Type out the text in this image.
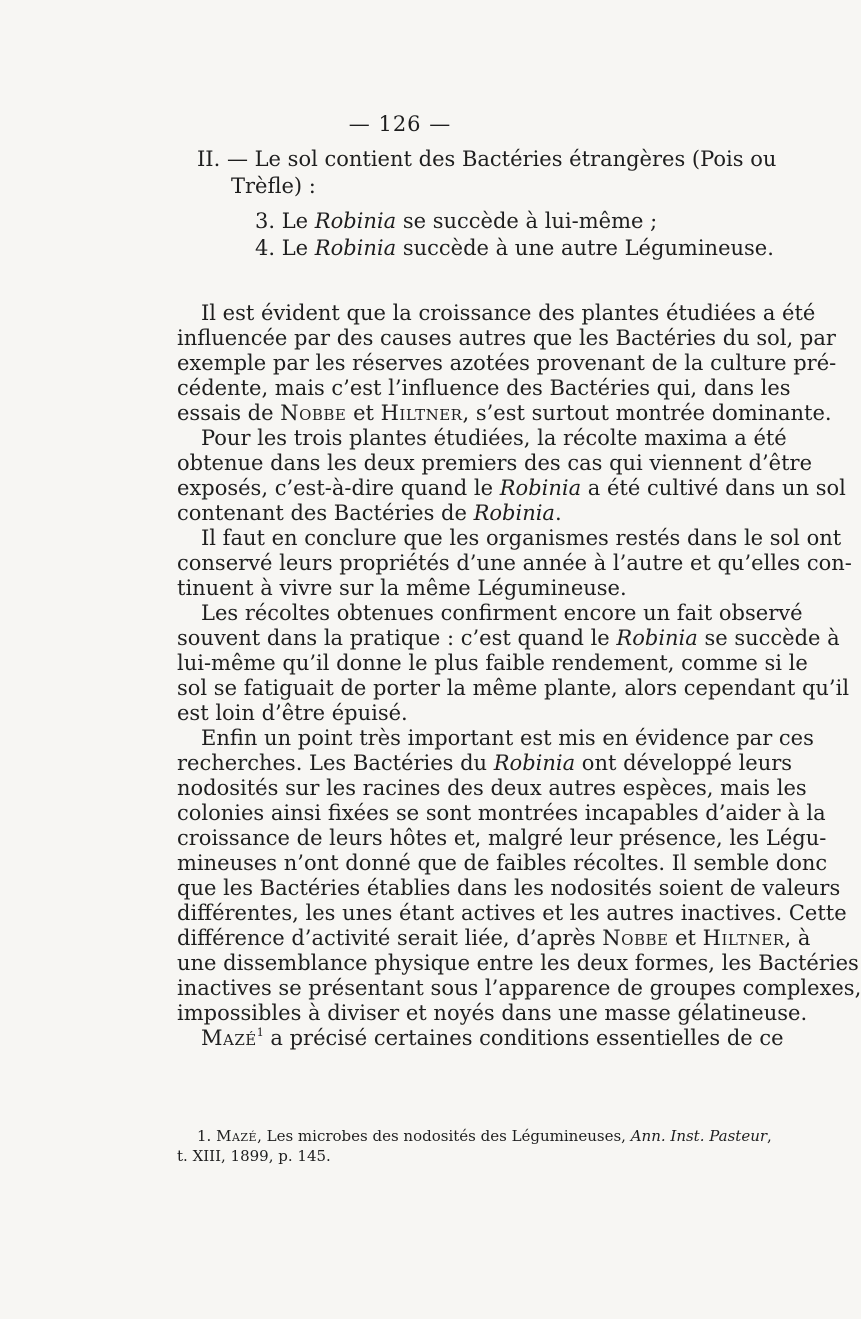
— 126 —
II. — Le sol contient des Bactéries étrangères (Pois ou
Trèfle) :
3. Le Robinia se succède à lui-même ;
4. Le Robinia succède à une autre Légumineuse.
Il est évident que la croissance des plantes étudiées a été
influencée par des causes autres que les Bactéries du sol, par
exemple par les réserves azotées provenant de la culture pré-
cédente, mais c’est l’influence des Bactéries qui, dans les
essais de Nobbe et Hiltner, s’est surtout montrée dominante.
Pour les trois plantes étudiées, la récolte maxima a été
obtenue dans les deux premiers des cas qui viennent d’être
exposés, c’est-à-dire quand le Robinia a été cultivé dans un sol
contenant des Bactéries de Robinia.
Il faut en conclure que les organismes restés dans le sol ont
conservé leurs propriétés d’une année à l’autre et qu’elles con-
tinuent à vivre sur la même Légumineuse.
Les récoltes obtenues confirment encore un fait observé
souvent dans la pratique : c’est quand le Robinia se succède à
lui-même qu’il donne le plus faible rendement, comme si le
sol se fatiguait de porter la même plante, alors cependant qu’il
est loin d’être épuisé.
Enfin un point très important est mis en évidence par ces
recherches. Les Bactéries du Robinia ont développé leurs
nodosités sur les racines des deux autres espèces, mais les
colonies ainsi fixées se sont montrées incapables d’aider à la
croissance de leurs hôtes et, malgré leur présence, les Légu-
mineuses n’ont donné que de faibles récoltes. Il semble donc
que les Bactéries établies dans les nodosités soient de valeurs
différentes, les unes étant actives et les autres inactives. Cette
différence d’activité serait liée, d’après Nobbe et Hiltner, à
une dissemblance physique entre les deux formes, les Bactéries
inactives se présentant sous l’apparence de groupes complexes,
impossibles à diviser et noyés dans une masse gélatineuse.
Mazé$^1$ a précisé certaines conditions essentielles de ce
1. Mazé, Les microbes des nodosités des Légumineuses, Ann. Inst. Pasteur,
t. XIII, 1899, p. 145.
